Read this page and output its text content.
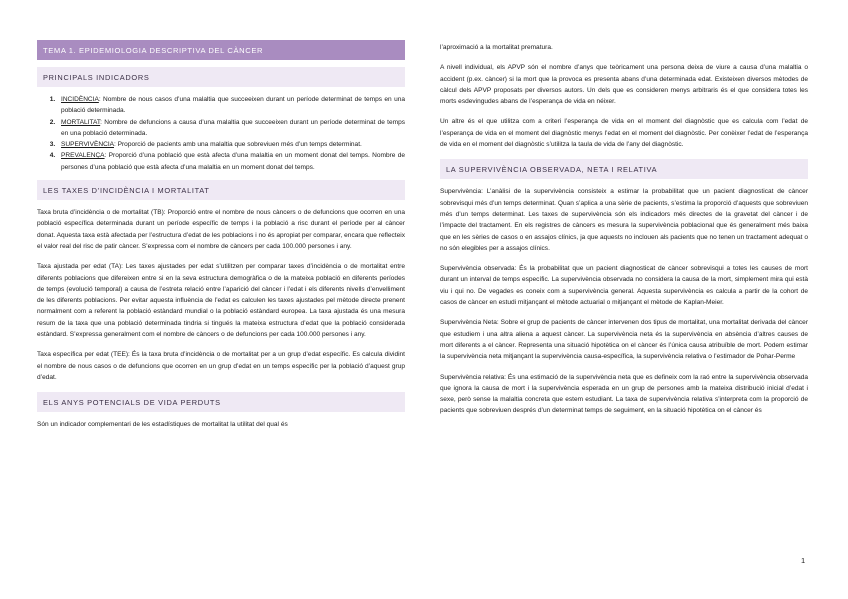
TEMA 1. EPIDEMIOLOGIA DESCRIPTIVA DEL CÀNCER
PRINCIPALS INDICADORS
1. INCIDÈNCIA: Nombre de nous casos d’una malaltia que succeeixen durant un període determinat de temps en una població determinada.
2. MORTALITAT: Nombre de defuncions a causa d’una malaltia que succeeixen durant un període determinat de temps en una població determinada.
3. SUPERVIVÈNCIA: Proporció de pacients amb una malaltia que sobreviuen més d’un temps determinat.
4. PREVALENÇA: Proporció d’una població que està afecta d’una malaltia en un moment donat del temps. Nombre de persones d’una població que està afecta d’una malaltia en un moment donat del temps.
LES TAXES D’INCIDÈNCIA I MORTALITAT

Taxa bruta d’incidència o de mortalitat (TB): Proporció entre el nombre de nous càncers o de defuncions que ocorren en una població específica determinada durant un període específic de temps i la població a risc durant el període per al càncer donat. Aquesta taxa està afectada per l’estructura d’edat de les poblacions i no és apropiat per comparar, encara que reflecteix el valor real del risc de patir càncer. S’expressa com el nombre de càncers per cada 100.000 persones i any.

Taxa ajustada per edat (TA): Les taxes ajustades per edat s’utilitzen per comparar taxes d’incidència o de mortalitat entre diferents poblacions que difereixen entre si en la seva estructura demogràfica o de la mateixa població en diferents períodes de temps (evolució temporal) a causa de l’estreta relació entre l’aparició del càncer i l’edat i els diferents nivells d’envelliment de les diferents poblacions. Per evitar aquesta influència de l’edat es calculen les taxes ajustades pel mètode directe prenent normalment com a referent la població estàndard mundial o la població estàndard europea. La taxa ajustada és una mesura resum de la taxa que una població determinada tindria si tingués la mateixa estructura d’edat que la població considerada estàndard. S’expressa generalment com el nombre de càncers o de defuncions per cada 100.000 persones i any.

Taxa específica per edat (TEE): És la taxa bruta d’incidència o de mortalitat per a un grup d’edat específic. Es calcula dividint el nombre de nous casos o de defuncions que ocorren en un grup d’edat en un temps específic per la població d’aquest grup d’edat.

ELS ANYS POTENCIALS DE VIDA PERDUTS

Són un indicador complementari de les estadístiques de mortalitat la utilitat del qual és

l’aproximació a la mortalitat prematura.

A nivell individual, els APVP són el nombre d’anys que teòricament una persona deixa de viure a causa d’una malaltia o accident (p.ex. càncer) si la mort que la provoca es presenta abans d’una determinada edat. Existeixen diversos mètodes de càlcul dels APVP proposats per diversos autors. Un dels que es consideren menys arbitraris és el que considera totes les morts esdevingudes abans de l’esperança de vida en néixer.

Un altre és el que utilitza com a criteri l’esperança de vida en el moment del diagnòstic que es calcula com l’edat de l’esperança de vida en el moment del diagnòstic menys l’edat en el moment del diagnòstic. Per conèixer l’edat de l’esperança de vida en el moment del diagnòstic s’utilitza la taula de vida de l’any del diagnòstic.

LA SUPERVIVÈNCIA OBSERVADA, NETA I RELATIVA

Supervivència: L’anàlisi de la supervivència consisteix a estimar la probabilitat que un pacient diagnosticat de càncer sobrevisqui més d’un temps determinat. Quan s’aplica a una sèrie de pacients, s’estima la proporció d’aquests que sobreviuen més d’un temps determinat. Les taxes de supervivència són els indicadors més directes de la gravetat del càncer i de l’impacte del tractament. En els registres de càncers es mesura la supervivència poblacional que és generalment més baixa que en les sèries de casos o en assajos clínics, ja que aquests no inclouen als pacients que no tenen un tractament adequat o no són elegibles per a assajos clínics.

Supervivència observada: És la probabilitat que un pacient diagnosticat de càncer sobrevisqui a totes les causes de mort durant un interval de temps específic. La supervivència observada no considera la causa de la mort, simplement mira qui està viu i qui no. De vegades es coneix com a supervivència general. Aquesta supervivència es calcula a partir de la cohort de casos de càncer en estudi mitjançant el mètode actuarial o mitjançant el mètode de Kaplan-Meier.

Supervivència Neta: Sobre el grup de pacients de càncer intervenen dos tipus de mortalitat, una mortalitat derivada del càncer que estudiem i una altra aliena a aquest càncer. La supervivència neta és la supervivència en absència d’altres causes de mort diferents a el càncer. Representa una situació hipotètica on el càncer és l’única causa atribuïble de mort. Podem estimar la supervivència neta mitjançant la supervivència causa-específica, la supervivència relativa o l’estimador de Pohar-Perme

Supervivència relativa: És una estimació de la supervivència neta que es defineix com la raó entre la supervivència observada que ignora la causa de mort i la supervivència esperada en un grup de persones amb la mateixa distribució inicial d’edat i sexe, però sense la malaltia concreta que estem estudiant. La taxa de supervivència relativa s’interpreta com la proporció de pacients que sobreviuen després d’un determinat temps de seguiment, en la situació hipotètica on el càncer és

1
